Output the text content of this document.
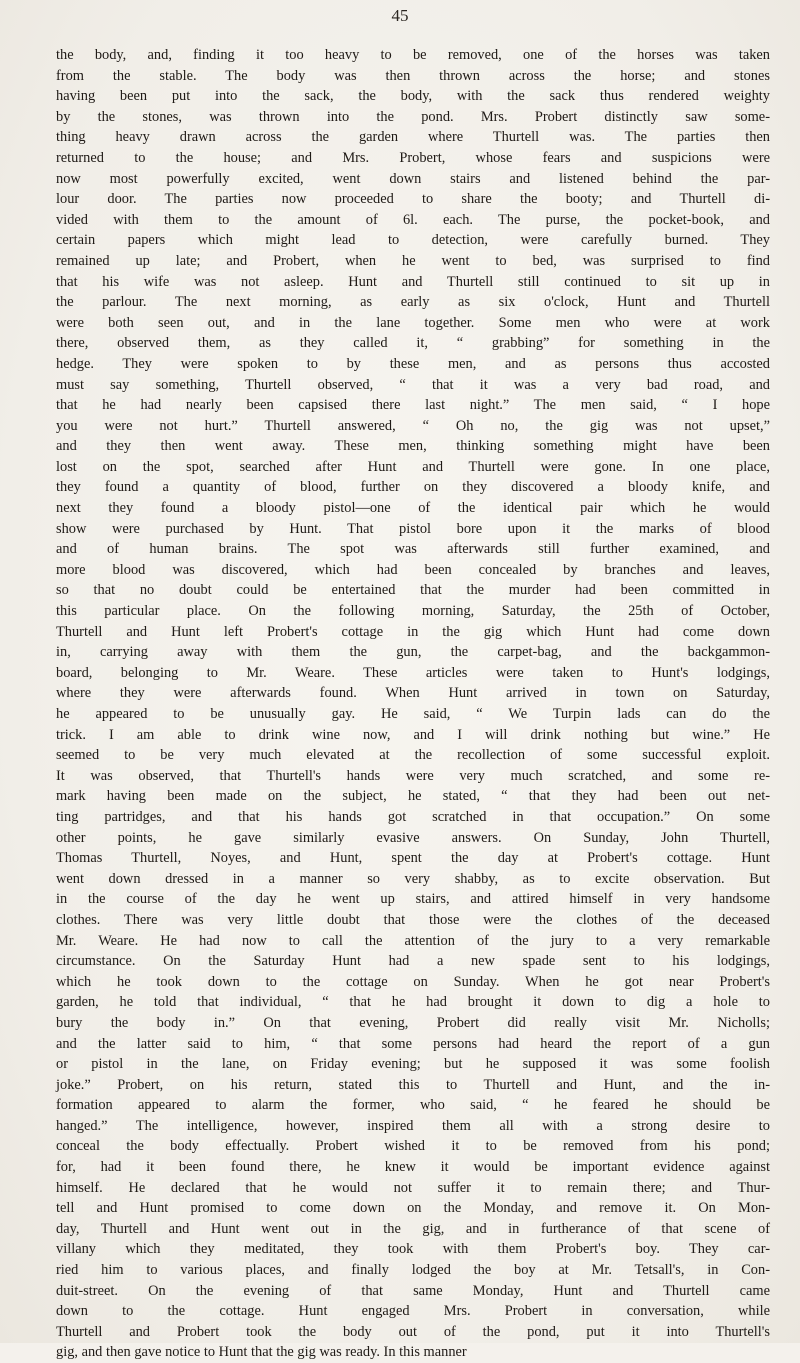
45
the body, and, finding it too heavy to be removed, one of the horses was taken
from the stable. The body was then thrown across the horse; and stones
having been put into the sack, the body, with the sack thus rendered weighty
by the stones, was thrown into the pond. Mrs. Probert distinctly saw some-
thing heavy drawn across the garden where Thurtell was. The parties then
returned to the house; and Mrs. Probert, whose fears and suspicions were
now most powerfully excited, went down stairs and listened behind the par-
lour door. The parties now proceeded to share the booty; and Thurtell di-
vided with them to the amount of 6l. each. The purse, the pocket-book, and
certain papers which might lead to detection, were carefully burned. They
remained up late; and Probert, when he went to bed, was surprised to find
that his wife was not asleep. Hunt and Thurtell still continued to sit up in
the parlour. The next morning, as early as six o'clock, Hunt and Thurtell
were both seen out, and in the lane together. Some men who were at work
there, observed them, as they called it, “ grabbing” for something in the
hedge. They were spoken to by these men, and as persons thus accosted
must say something, Thurtell observed, “ that it was a very bad road, and
that he had nearly been capsised there last night.” The men said, “ I hope
you were not hurt.” Thurtell answered, “ Oh no, the gig was not upset,”
and they then went away. These men, thinking something might have been
lost on the spot, searched after Hunt and Thurtell were gone. In one place,
they found a quantity of blood, further on they discovered a bloody knife, and
next they found a bloody pistol—one of the identical pair which he would
show were purchased by Hunt. That pistol bore upon it the marks of blood
and of human brains. The spot was afterwards still further examined, and
more blood was discovered, which had been concealed by branches and leaves,
so that no doubt could be entertained that the murder had been committed in
this particular place. On the following morning, Saturday, the 25th of October,
Thurtell and Hunt left Probert's cottage in the gig which Hunt had come down
in, carrying away with them the gun, the carpet-bag, and the backgammon-
board, belonging to Mr. Weare. These articles were taken to Hunt's lodgings,
where they were afterwards found. When Hunt arrived in town on Saturday,
he appeared to be unusually gay. He said, “ We Turpin lads can do the
trick. I am able to drink wine now, and I will drink nothing but wine.” He
seemed to be very much elevated at the recollection of some successful exploit.
It was observed, that Thurtell's hands were very much scratched, and some re-
mark having been made on the subject, he stated, “ that they had been out net-
ting partridges, and that his hands got scratched in that occupation.” On some
other points, he gave similarly evasive answers. On Sunday, John Thurtell,
Thomas Thurtell, Noyes, and Hunt, spent the day at Probert's cottage. Hunt
went down dressed in a manner so very shabby, as to excite observation. But
in the course of the day he went up stairs, and attired himself in very handsome
clothes. There was very little doubt that those were the clothes of the deceased
Mr. Weare. He had now to call the attention of the jury to a very remarkable
circumstance. On the Saturday Hunt had a new spade sent to his lodgings,
which he took down to the cottage on Sunday. When he got near Probert's
garden, he told that individual, “ that he had brought it down to dig a hole to
bury the body in.” On that evening, Probert did really visit Mr. Nicholls;
and the latter said to him, “ that some persons had heard the report of a gun
or pistol in the lane, on Friday evening; but he supposed it was some foolish
joke.” Probert, on his return, stated this to Thurtell and Hunt, and the in-
formation appeared to alarm the former, who said, “ he feared he should be
hanged.” The intelligence, however, inspired them all with a strong desire to
conceal the body effectually. Probert wished it to be removed from his pond;
for, had it been found there, he knew it would be important evidence against
himself. He declared that he would not suffer it to remain there; and Thur-
tell and Hunt promised to come down on the Monday, and remove it. On Mon-
day, Thurtell and Hunt went out in the gig, and in furtherance of that scene of
villany which they meditated, they took with them Probert's boy. They car-
ried him to various places, and finally lodged the boy at Mr. Tetsall's, in Con-
duit-street. On the evening of that same Monday, Hunt and Thurtell came
down to the cottage. Hunt engaged Mrs. Probert in conversation, while
Thurtell and Probert took the body out of the pond, put it into Thurtell's
gig, and then gave notice to Hunt that the gig was ready. In this manner
